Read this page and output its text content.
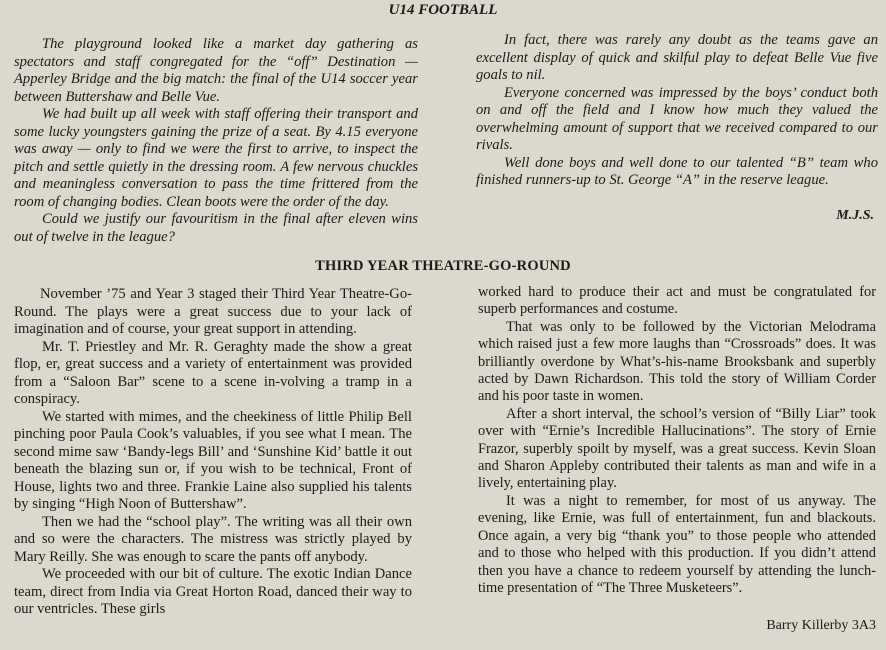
U14 FOOTBALL

The playground looked like a market day gathering as spectators and staff congregated for the “off” Destination — Apperley Bridge and the big match: the final of the U14 soccer year between Buttershaw and Belle Vue.

We had built up all week with staff offering their transport and some lucky youngsters gaining the prize of a seat. By 4.15 everyone was away — only to find we were the first to arrive, to inspect the pitch and settle quietly in the dressing room. A few nervous chuckles and meaningless conversation to pass the time frittered from the room of changing bodies. Clean boots were the order of the day.

Could we justify our favouritism in the final after eleven wins out of twelve in the league?

In fact, there was rarely any doubt as the teams gave an excellent display of quick and skilful play to defeat Belle Vue five goals to nil.

Everyone concerned was impressed by the boys’ conduct both on and off the field and I know how much they valued the overwhelming amount of support that we received compared to our rivals.

Well done boys and well done to our talented “B” team who finished runners-up to St. George “A” in the reserve league.

M.J.S.
THIRD YEAR THEATRE-GO-ROUND

November ’75 and Year 3 staged their Third Year Theatre-Go-Round. The plays were a great success due to your lack of imagination and of course, your great support in attending.

Mr. T. Priestley and Mr. R. Geraghty made the show a great flop, er, great success and a variety of entertainment was provided from a “Saloon Bar” scene to a scene in-volving a tramp in a conspiracy.

We started with mimes, and the cheekiness of little Philip Bell pinching poor Paula Cook’s valuables, if you see what I mean. The second mime saw ‘Bandy-legs Bill’ and ‘Sunshine Kid’ battle it out beneath the blazing sun or, if you wish to be technical, Front of House, lights two and three. Frankie Laine also supplied his talents by singing “High Noon of Buttershaw”.

Then we had the “school play”. The writing was all their own and so were the characters. The mistress was strictly played by Mary Reilly. She was enough to scare the pants off anybody.

We proceeded with our bit of culture. The exotic Indian Dance team, direct from India via Great Horton Road, danced their way to our ventricles. These girls

worked hard to produce their act and must be congratulated for superb performances and costume.

That was only to be followed by the Victorian Melodrama which raised just a few more laughs than “Crossroads” does. It was brilliantly overdone by What’s-his-name Brooksbank and superbly acted by Dawn Richardson. This told the story of William Corder and his poor taste in women.

After a short interval, the school’s version of “Billy Liar” took over with “Ernie’s Incredible Hallucinations”. The story of Ernie Frazor, superbly spoilt by myself, was a great success. Kevin Sloan and Sharon Appleby contributed their talents as man and wife in a lively, entertaining play.

It was a night to remember, for most of us anyway. The evening, like Ernie, was full of entertainment, fun and blackouts. Once again, a very big “thank you” to those people who attended and to those who helped with this production. If you didn’t attend then you have a chance to redeem yourself by attending the lunch-time presentation of “The Three Musketeers”.

Barry Killerby 3A3
